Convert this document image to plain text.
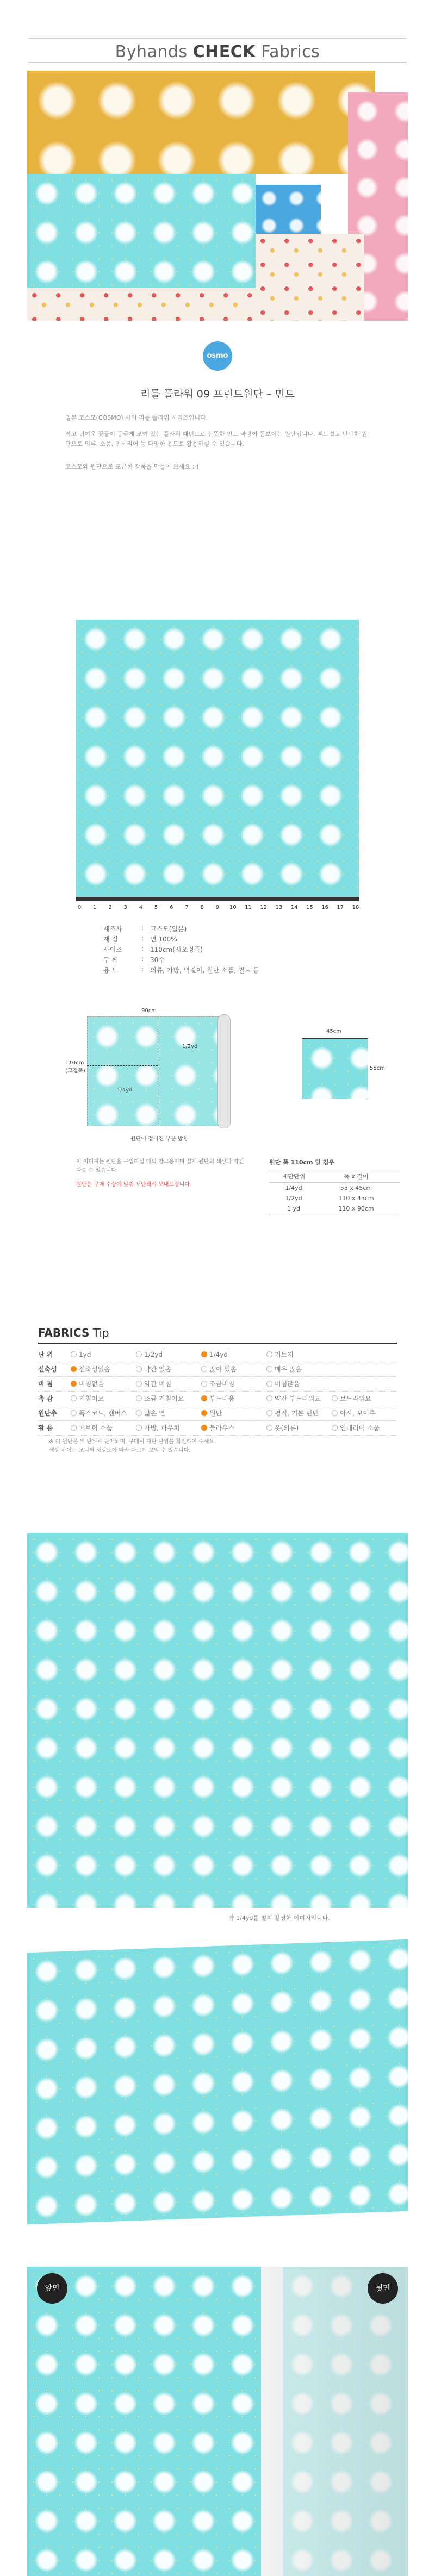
Byhands CHECK Fabrics
osmo
리틀 플라워 09 프린트원단 – 민트
일본 코스모(COSMO) 사의 리틀 플라워 시리즈입니다.
작고 귀여운 꽃들이 둥글게 모여 있는 플라워 패턴으로 산뜻한 민트 바탕이 돋보이는 원단입니다. 부드럽고 탄탄한 원단으로 의류, 소품, 인테리어 등 다양한 용도로 활용하실 수 있습니다.
코스모와 원단으로 포근한 작품을 만들어 보세요 :-)
0 1 2 3 4 5 6 7 8 9 10 11 12 13 14 15 16 17 18
제조사	: 코스모(일본)
재 질	: 면 100%
사이즈	: 110cm(시오정폭)
두 께	: 30수
용 도	: 의류, 가방, 벽걸이, 원단 소품, 퀼트 등
90cm
110cm
(고정폭)
1/2yd
1/4yd
원단이 접어진 부분 방향
45cm
55cm
이 이미지는 원단을 구입하실 때의 참고용이며 실제 원단의 색상과 약간 다를 수 있습니다.
원단은 구매 수량에 맞춰 재단해서 보내드립니다.
원단 폭 110cm 일 경우
재단단위	폭 x 길이
1/4yd	55 x 45cm
1/2yd	110 x 45cm
1 yd	110 x 90cm
FABRICS Tip
단 위	1yd	1/2yd	1/4yd	커트지
신축성	신축성없음	약간 있음	많이 있음	매우 많음
비 침	비침없음	약간 비침	조금비침	비침많음
촉 감	거칠어요	조금 거칠어요	부드러움	약간 부드러워요	보드라워요
원단추	폭스코트, 캔버스	얇은 면	원단	평직, 기본 린넨	아사, 보이루
활 용	패브릭 소품	가방, 파우치	블라우스	옷(의류)	인테리어 소품
※ 이 원단은 위 단위로 판매되며, 구매시 재단 단위를 확인하여 주세요.
색상 차이는 모니터 해상도에 따라 다르게 보일 수 있습니다.
약 1/4yd를 펼쳐 촬영한 이미지입니다.
앞면	뒷면
